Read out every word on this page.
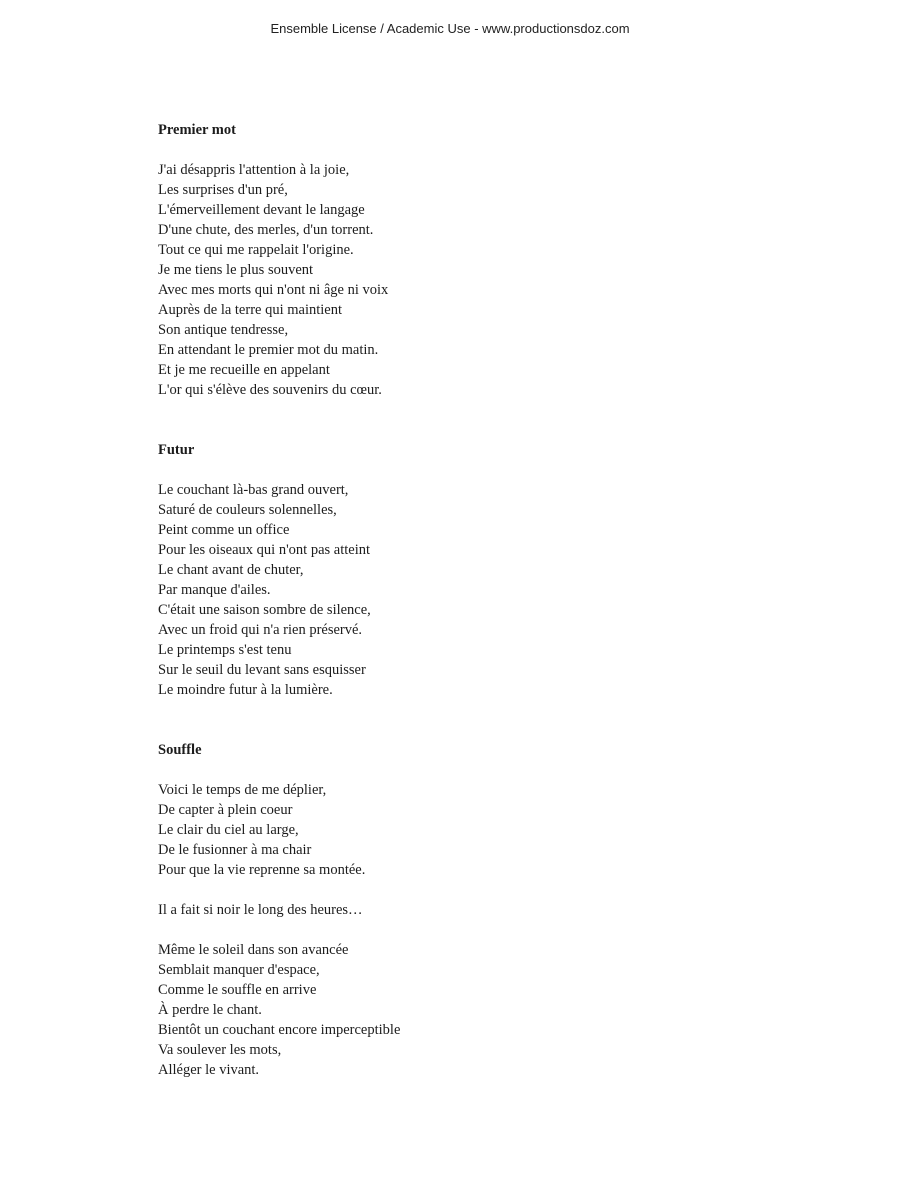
Ensemble License / Academic Use - www.productionsdoz.com
Premier mot
J'ai désappris l'attention à la joie,
Les surprises d'un pré,
L'émerveillement devant le langage
D'une chute, des merles, d'un torrent.
Tout ce qui me rappelait l'origine.
Je me tiens le plus souvent
Avec mes morts qui n'ont ni âge ni voix
Auprès de la terre qui maintient
Son antique tendresse,
En attendant le premier mot du matin.
Et je me recueille en appelant
L'or qui s'élève des souvenirs du cœur.
Futur
Le couchant là-bas grand ouvert,
Saturé de couleurs solennelles,
Peint comme un office
Pour les oiseaux qui n'ont pas atteint
Le chant avant de chuter,
Par manque d'ailes.
C'était une saison sombre de silence,
Avec un froid qui n'a rien préservé.
Le printemps s'est tenu
Sur le seuil du levant sans esquisser
Le moindre futur à la lumière.
Souffle
Voici le temps de me déplier,
De capter à plein coeur
Le clair du ciel au large,
De le fusionner à ma chair
Pour que la vie reprenne sa montée.
Il a fait si noir le long des heures…
Même le soleil dans son avancée
Semblait manquer d'espace,
Comme le souffle en arrive
À perdre le chant.
Bientôt un couchant encore imperceptible
Va soulever les mots,
Alléger le vivant.
